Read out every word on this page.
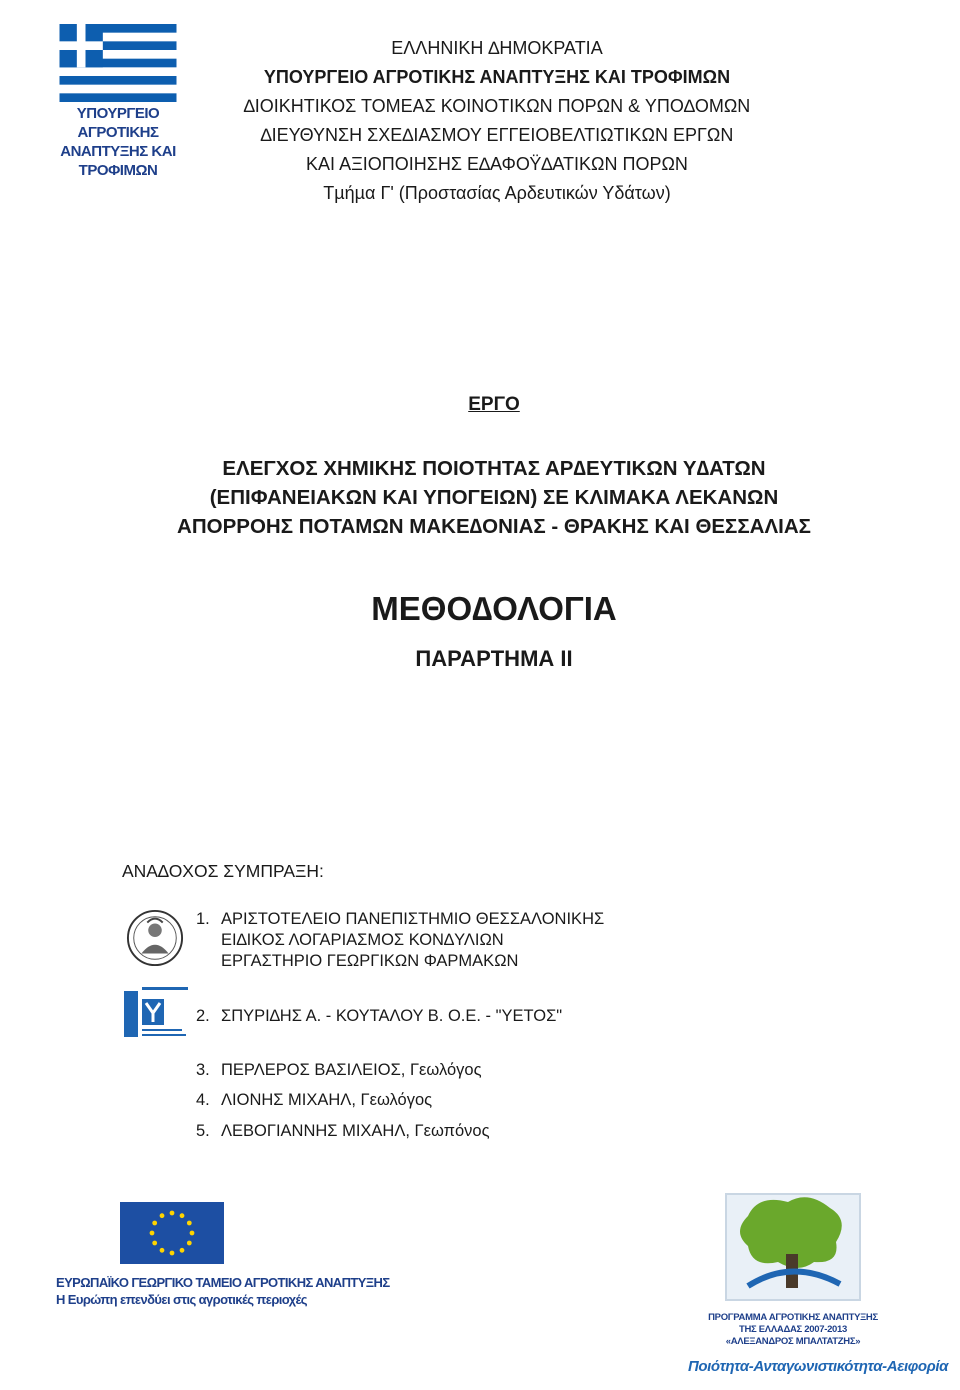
ΥΠΟΥΡΓΕΙΟ ΑΓΡΟΤΙΚΗΣ
ΑΝΑΠΤΥΞΗΣ ΚΑΙ ΤΡΟΦΙΜΩΝ
ΕΛΛΗΝΙΚΗ ∆ΗΜΟΚΡΑΤΙΑ
ΥΠΟΥΡΓΕΙΟ ΑΓΡΟΤΙΚΗΣ ΑΝΑΠΤΥΞΗΣ ΚΑΙ ΤΡΟΦΙΜΩΝ
∆ΙΟΙΚΗΤΙΚΟΣ ΤΟΜΕΑΣ ΚΟΙΝΟΤΙΚΩΝ ΠΟΡΩΝ & ΥΠΟ∆ΟΜΩΝ
∆ΙΕΥΘΥΝΣΗ ΣΧΕ∆ΙΑΣΜΟΥ ΕΓΓΕΙΟΒΕΛΤΙΩΤΙΚΩΝ ΕΡΓΩΝ
ΚΑΙ ΑΞΙΟΠΟΙΗΣΗΣ Ε∆ΑΦΟΫ∆ΑΤΙΚΩΝ ΠΟΡΩΝ
Τµήµα Γ' (Προστασίας Αρδευτικών Υδάτων)
ΕΡΓΟ
ΕΛΕΓΧΟΣ ΧΗΜΙΚΗΣ ΠΟΙΟΤΗΤΑΣ ΑΡ∆ΕΥΤΙΚΩΝ Υ∆ΑΤΩΝ
(ΕΠΙΦΑΝΕΙΑΚΩΝ ΚΑΙ ΥΠΟΓΕΙΩΝ) ΣΕ ΚΛΙΜΑΚΑ ΛΕΚΑΝΩΝ
ΑΠΟΡΡΟΗΣ ΠΟΤΑΜΩΝ ΜΑΚΕ∆ΟΝΙΑΣ - ΘΡΑΚΗΣ ΚΑΙ ΘΕΣΣΑΛΙΑΣ
ΜΕΘΟ∆ΟΛΟΓΙΑ
ΠΑΡΑΡΤΗΜΑ ΙΙ
ΑΝΑ∆ΟΧΟΣ ΣΥΜΠΡΑΞΗ:
1. ΑΡΙΣΤΟΤΕΛΕΙΟ ΠΑΝΕΠΙΣΤΗΜΙΟ ΘΕΣΣΑΛΟΝΙΚΗΣ
ΕΙ∆ΙΚΟΣ ΛΟΓΑΡΙΑΣΜΟΣ ΚΟΝ∆ΥΛΙΩΝ
ΕΡΓΑΣΤΗΡΙΟ ΓΕΩΡΓΙΚΩΝ ΦΑΡΜΑΚΩΝ
2. ΣΠΥΡΙ∆ΗΣ Α. - ΚΟΥΤΑΛΟΥ Β. Ο.Ε. - "ΥΕΤΟΣ"
3. ΠΕΡΛΕΡΟΣ ΒΑΣΙΛΕΙΟΣ, Γεωλόγος
4. ΛΙΟΝΗΣ ΜΙΧΑΗΛ, Γεωλόγος
5. ΛΕΒΟΓΙΑΝΝΗΣ ΜΙΧΑΗΛ, Γεωπόνος
ΕΥΡΩΠΑΪΚΟ ΓΕΩΡΓΙΚΟ ΤΑΜΕΙΟ ΑΓΡΟΤΙΚΗΣ ΑΝΑΠΤΥΞΗΣ
Η Ευρώπη επενδύει στις αγροτικές περιοχές
ΠΡΟΓΡΑΜΜΑ ΑΓΡΟΤΙΚΗΣ ΑΝΑΠΤΥΞΗΣ
ΤΗΣ ΕΛΛΑΔΑΣ 2007-2013
«ΑΛΕΞΑΝΔΡΟΣ ΜΠΑΛΤΑΤΖΗΣ»
Ποιότητα-Ανταγωνιστικότητα-Αειφορία
